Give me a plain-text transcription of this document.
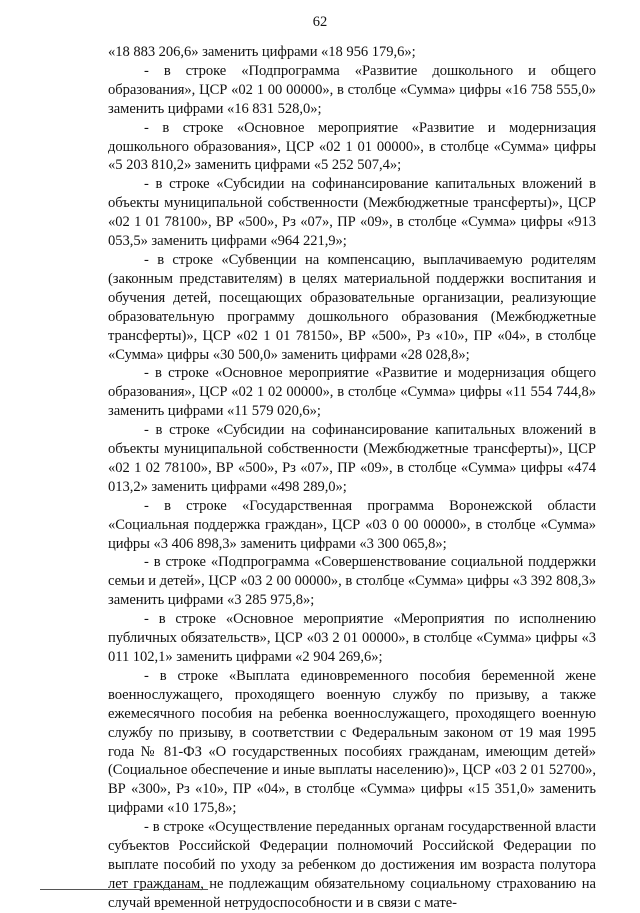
62

«18 883 206,6» заменить цифрами «18 956 179,6»;

- в строке «Подпрограмма «Развитие дошкольного и общего образования», ЦСР «02 1 00 00000», в столбце «Сумма» цифры «16 758 555,0» заменить цифрами «16 831 528,0»;

- в строке «Основное мероприятие «Развитие и модернизация дошкольного образования», ЦСР «02 1 01 00000», в столбце «Сумма» цифры «5 203 810,2» заменить цифрами «5 252 507,4»;

- в строке «Субсидии на софинансирование капитальных вложений в объекты муниципальной собственности (Межбюджетные трансферты)», ЦСР «02 1 01 78100», ВР «500», Рз «07», ПР «09», в столбце «Сумма» цифры «913 053,5» заменить цифрами «964 221,9»;

- в строке «Субвенции на компенсацию, выплачиваемую родителям (законным представителям) в целях материальной поддержки воспитания и обучения детей, посещающих образовательные организации, реализующие образовательную программу дошкольного образования (Межбюджетные трансферты)», ЦСР «02 1 01 78150», ВР «500», Рз «10», ПР «04», в столбце «Сумма» цифры «30 500,0» заменить цифрами «28 028,8»;

- в строке «Основное мероприятие «Развитие и модернизация общего образования», ЦСР «02 1 02 00000», в столбце «Сумма» цифры «11 554 744,8» заменить цифрами «11 579 020,6»;

- в строке «Субсидии на софинансирование капитальных вложений в объекты муниципальной собственности (Межбюджетные трансферты)», ЦСР «02 1 02 78100», ВР «500», Рз «07», ПР «09», в столбце «Сумма» цифры «474 013,2» заменить цифрами «498 289,0»;

- в строке «Государственная программа Воронежской области «Социальная поддержка граждан», ЦСР «03 0 00 00000», в столбце «Сумма» цифры «3 406 898,3» заменить цифрами «3 300 065,8»;

- в строке «Подпрограмма «Совершенствование социальной поддержки семьи и детей», ЦСР «03 2 00 00000», в столбце «Сумма» цифры «3 392 808,3» заменить цифрами «3 285 975,8»;

- в строке «Основное мероприятие «Мероприятия по исполнению публичных обязательств», ЦСР «03 2 01 00000», в столбце «Сумма» цифры «3 011 102,1» заменить цифрами «2 904 269,6»;

- в строке «Выплата единовременного пособия беременной жене военнослужащего, проходящего военную службу по призыву, а также ежемесячного пособия на ребенка военнослужащего, проходящего военную службу по призыву, в соответствии с Федеральным законом от 19 мая 1995 года № 81-ФЗ «О государственных пособиях гражданам, имеющим детей» (Социальное обеспечение и иные выплаты населению)», ЦСР «03 2 01 52700», ВР «300», Рз «10», ПР «04», в столбце «Сумма» цифры «15 351,0» заменить цифрами «10 175,8»;

- в строке «Осуществление переданных органам государственной власти субъектов Российской Федерации полномочий Российской Федерации по выплате пособий по уходу за ребенком до достижения им возраста полутора лет гражданам, не подлежащим обязательному социальному страхованию на случай временной нетрудоспособности и в связи с мате-
